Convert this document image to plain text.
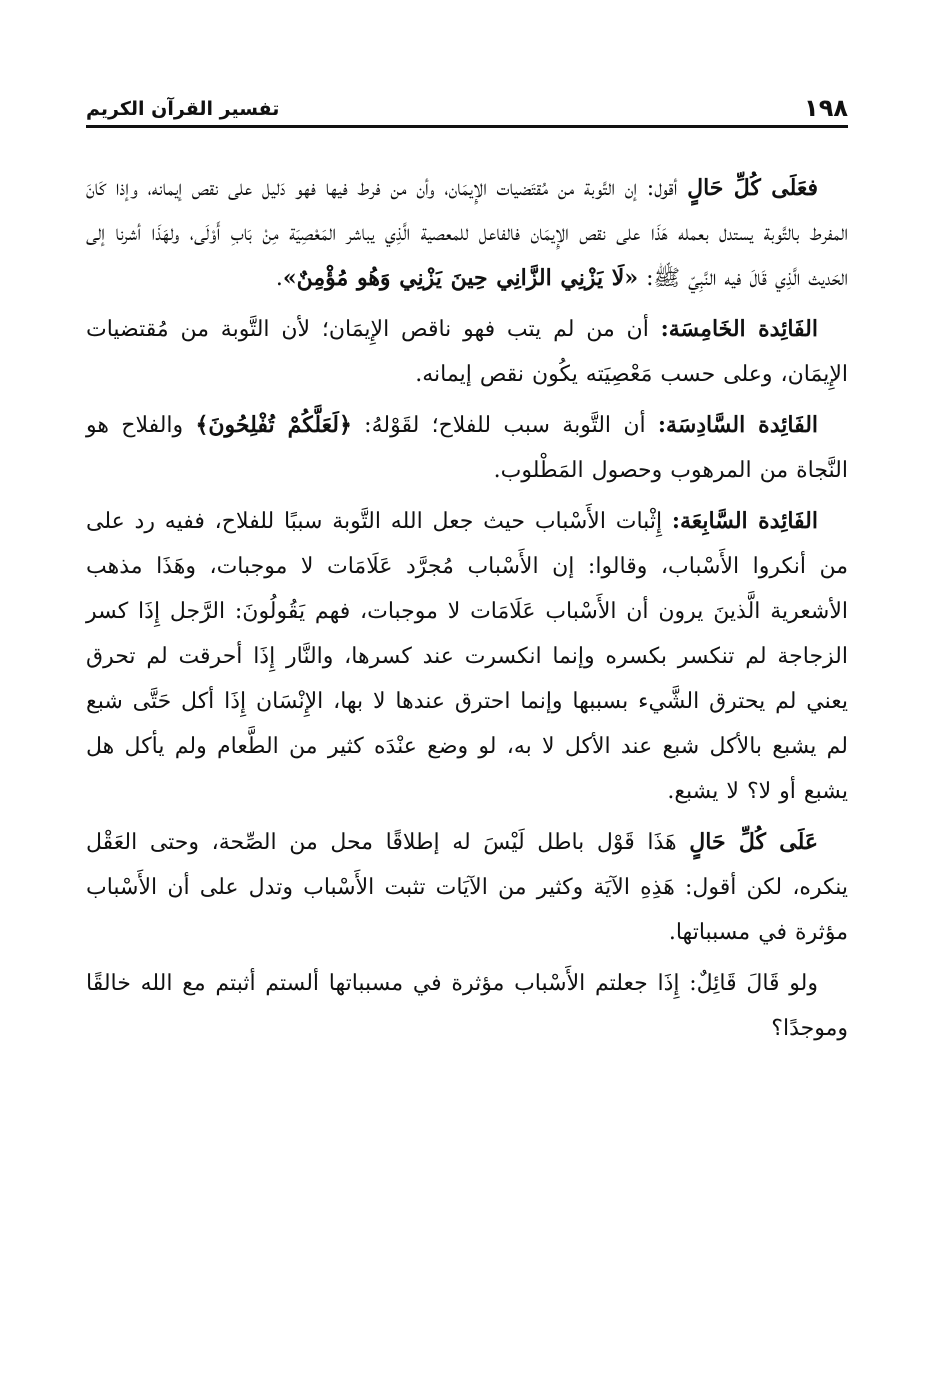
١٩٨
تفسير القرآن الكريم

فعَلَى كُلِّ حَالٍ أقول: إن التَّوبة من مُقتَضيات الإِيمَان، وأن من فرط فيها فهو دَليل على نقص إيمانه، وإذا كَانَ المفرط بالتَّوبة يستدل بعمله هَذَا على نقص الإِيمَان فالفاعل للمعصية الَّذِي يباشر المَعْصِيَة مِنْ بَابِ أَوْلَى، ولهَذَا أشرنا إلى الحَديث الَّذِي قَالَ فيه النَّبِيّ ﷺ: «لَا يَزْنِي الزَّانِي حِينَ يَزْنِي وَهُو مُؤْمِنٌ».

الفَائِدة الخَامِسَة: أن من لم يتب فهو ناقص الإِيمَان؛ لأن التَّوبة من مُقتضيات الإِيمَان، وعلى حسب مَعْصِيَته يكُون نقص إيمانه.

الفَائِدة السَّادِسَة: أن التَّوبة سبب للفلاح؛ لقَوْلهُ: ﴿لَعَلَّكُمْ تُفْلِحُونَ﴾ والفلاح هو النَّجاة من المرهوب وحصول المَطْلوب.

الفَائِدة السَّابِعَة: إِثْبات الأَسْباب حيث جعل الله التَّوبة سببًا للفلاح، ففيه رد على من أنكروا الأَسْباب، وقالوا: إن الأَسْباب مُجرَّد عَلَامَات لا موجبات، وهَذَا مذهب الأشعرية الَّذينَ يرون أن الأَسْباب عَلَامَات لا موجبات، فهم يَقُولُونَ: الرَّجل إِذَا كسر الزجاجة لم تنكسر بكسره وإنما انكسرت عند كسرها، والنَّار إِذَا أحرقت لم تحرق يعني لم يحترق الشَّيء بسببها وإنما احترق عندها لا بها، الإِنْسَان إِذَا أكل حَتَّى شبع لم يشبع بالأكل شبع عند الأكل لا به، لو وضع عنْدَه كثير من الطَّعام ولم يأكل هل يشبع أو لا؟ لا يشبع.

عَلَى كُلِّ حَالٍ هَذَا قَوْل باطل لَيْسَ له إطلاقًا محل من الصِّحة، وحتى العَقْل ينكره، لكن أقول: هَذِهِ الآيَة وكثير من الآيَات تثبت الأَسْباب وتدل على أن الأَسْباب مؤثرة في مسبباتها.

ولو قَالَ قَائِلٌ: إِذَا جعلتم الأَسْباب مؤثرة في مسبباتها ألستم أثبتم مع الله خالقًا وموجدًا؟
